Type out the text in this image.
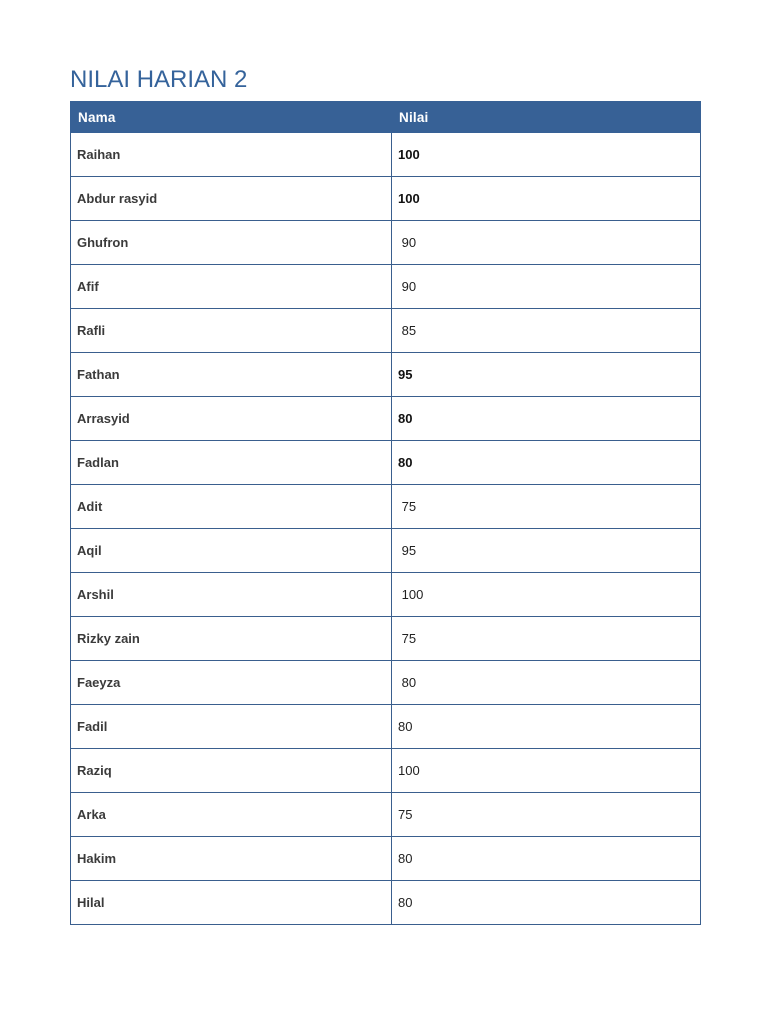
NILAI HARIAN 2
Nama	Nilai
Raihan	100
Abdur rasyid	100
Ghufron	90
Afif	90
Rafli	85
Fathan	95
Arrasyid	80
Fadlan	80
Adit	75
Aqil	95
Arshil	100
Rizky zain	75
Faeyza	80
Fadil	80
Raziq	100
Arka	75
Hakim	80
Hilal	80
